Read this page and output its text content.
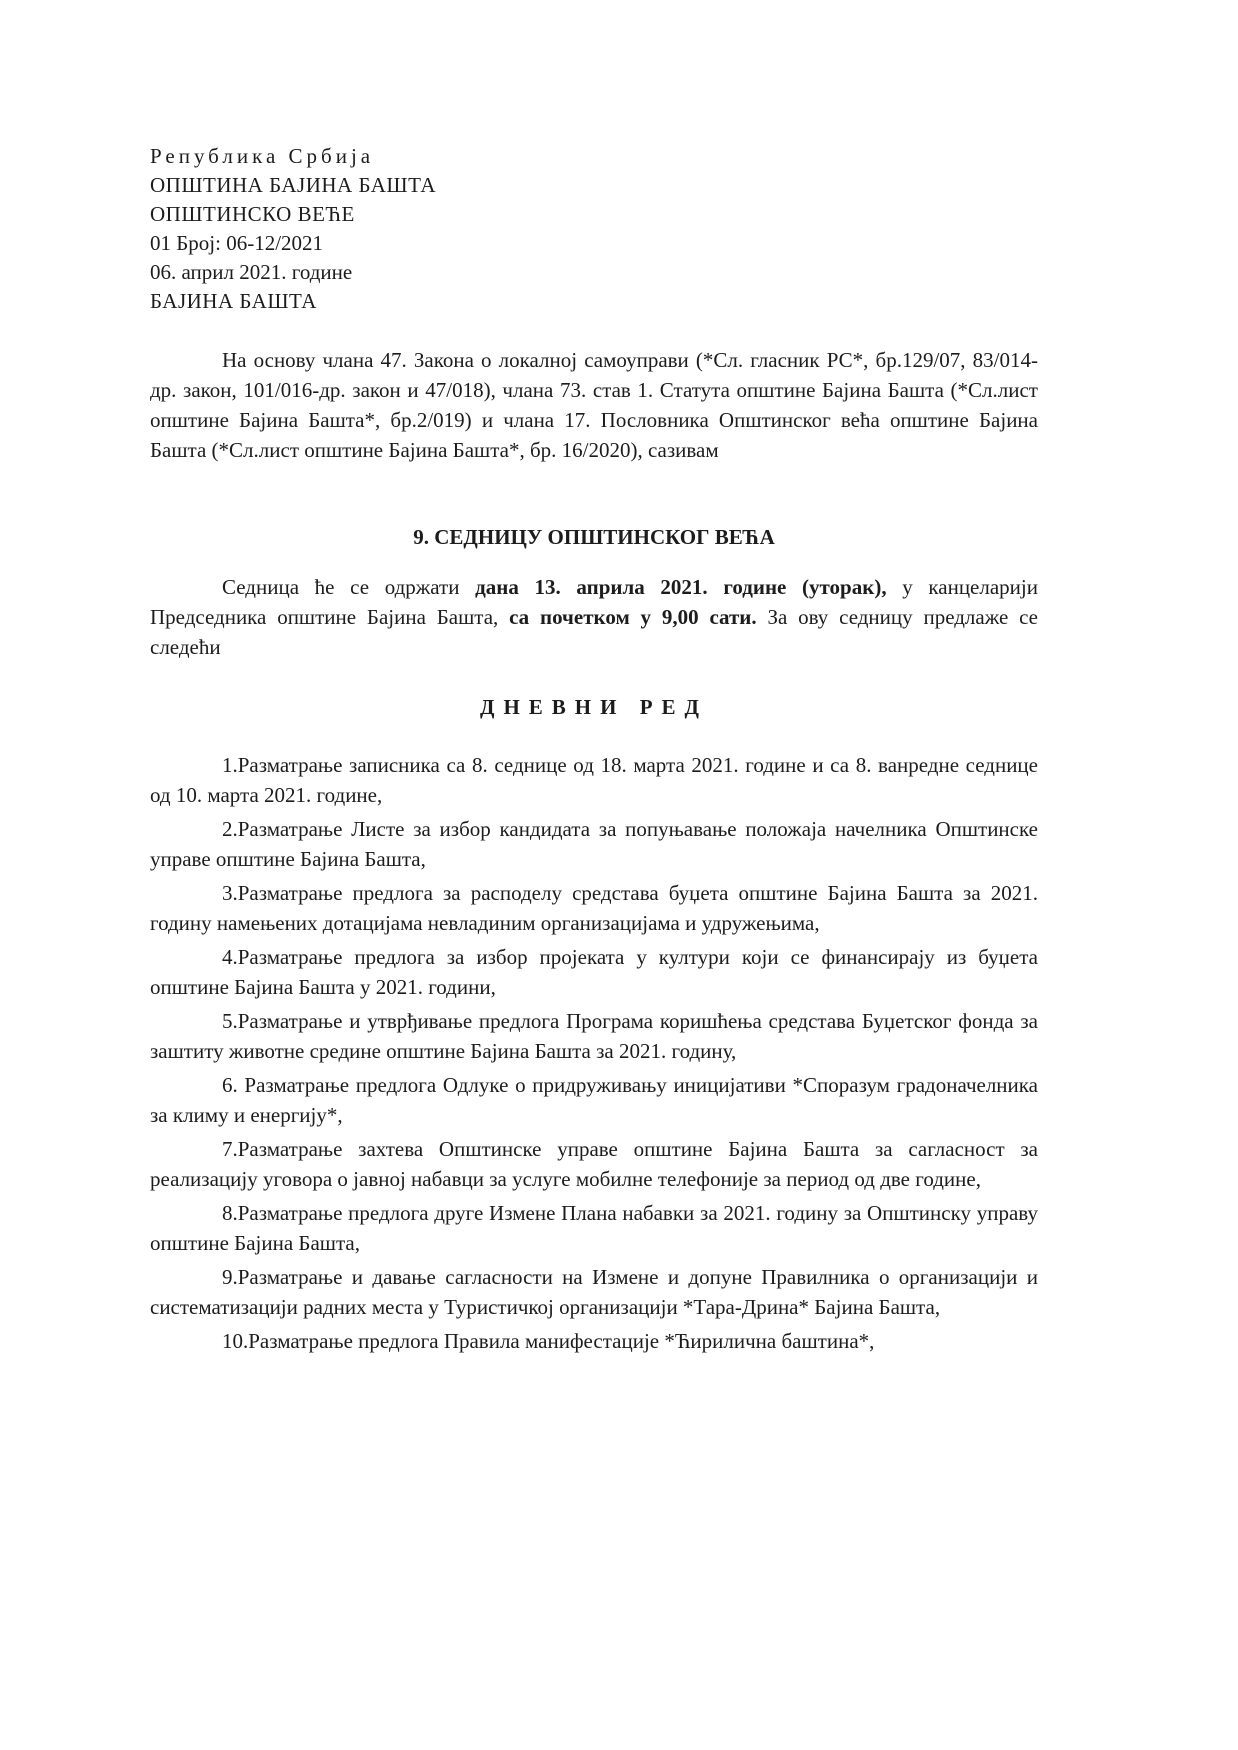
Република Србија
ОПШТИНА БАЈИНА БАШТА
ОПШТИНСКО ВЕЋЕ
01 Број: 06-12/2021
06. април 2021. године
БАЈИНА БАШТА

На основу члана 47. Закона о локалној самоуправи (*Сл. гласник РС*, бр.129/07, 83/014-др. закон, 101/016-др. закон и 47/018), члана 73. став 1. Статута општине Бајина Башта (*Сл.лист општине Бајина Башта*, бр.2/019) и члана 17. Пословника Општинског већа општине Бајина Башта (*Сл.лист општине Бајина Башта*, бр. 16/2020), сазивам

9. СЕДНИЦУ ОПШТИНСКОГ ВЕЋА

Седница ће се одржати дана 13. априла 2021. године (уторак), у канцеларији Председника општине Бајина Башта, са почетком у 9,00 сати. За ову седницу предлаже се следећи

ДНЕВНИ РЕД

1.Разматрање записника са 8. седнице од 18. марта 2021. године и са 8. ванредне седнице од 10. марта 2021. године,
2.Разматрање Листе за избор кандидата за попуњавање положаја начелника Општинске управе општине Бајина Башта,
3.Разматрање предлога за расподелу средстава буџета општине Бајина Башта за 2021. годину намењених дотацијама невладиним организацијама и удружењима,
4.Разматрање предлога за избор пројеката у култури који се финансирају из буџета општине Бајина Башта у 2021. години,
5.Разматрање и утврђивање предлога Програма коришћења средстава Буџетског фонда за заштиту животне средине општине Бајина Башта за 2021. годину,
6. Разматрање предлога Одлуке о придруживању иницијативи *Споразум градоначелника за климу и енергију*,
7.Разматрање захтева Општинске управе општине Бајина Башта за сагласност за реализацију уговора о јавној набавци за услуге мобилне телефоније за период од две године,
8.Разматрање предлога друге Измене Плана набавки за 2021. годину за Општинску управу општине Бајина Башта,
9.Разматрање и давање сагласности на Измене и допуне Правилника о организацији и систематизацији радних места у Туристичкој организацији *Тара-Дрина* Бајина Башта,
10.Разматрање предлога Правила манифестације *Ћирилична баштина*,
